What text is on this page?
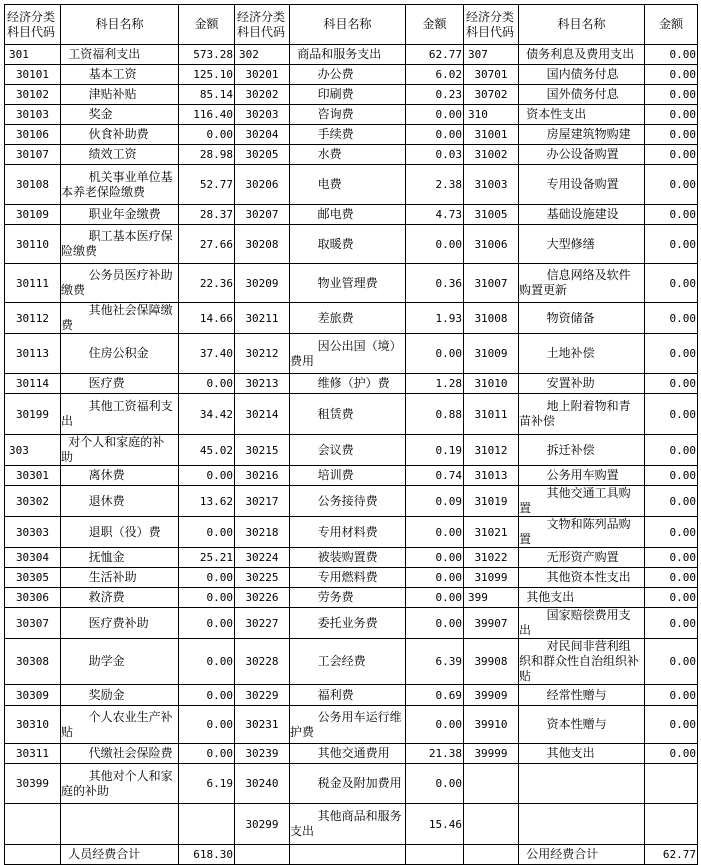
经济分类科目代码	科目名称	金额	经济分类科目代码	科目名称	金额	经济分类科目代码	科目名称	金额
301	工资福利支出	573.28	302	商品和服务支出	62.77	307	债务利息及费用支出	0.00
30101	基本工资	125.10	30201	办公费	6.02	30701	国内债务付息	0.00
30102	津贴补贴	85.14	30202	印刷费	0.23	30702	国外债务付息	0.00
30103	奖金	116.40	30203	咨询费	0.00	310	资本性支出	0.00
30106	伙食补助费	0.00	30204	手续费	0.00	31001	房屋建筑物购建	0.00
30107	绩效工资	28.98	30205	水费	0.03	31002	办公设备购置	0.00
30108	机关事业单位基本养老保险缴费	52.77	30206	电费	2.38	31003	专用设备购置	0.00
30109	职业年金缴费	28.37	30207	邮电费	4.73	31005	基础设施建设	0.00
30110	职工基本医疗保险缴费	27.66	30208	取暖费	0.00	31006	大型修缮	0.00
30111	公务员医疗补助缴费	22.36	30209	物业管理费	0.36	31007	信息网络及软件购置更新	0.00
30112	其他社会保障缴费	14.66	30211	差旅费	1.93	31008	物资储备	0.00
30113	住房公积金	37.40	30212	因公出国（境）费用	0.00	31009	土地补偿	0.00
30114	医疗费	0.00	30213	维修（护）费	1.28	31010	安置补助	0.00
30199	其他工资福利支出	34.42	30214	租赁费	0.88	31011	地上附着物和青苗补偿	0.00
303	对个人和家庭的补助	45.02	30215	会议费	0.19	31012	拆迁补偿	0.00
30301	离休费	0.00	30216	培训费	0.74	31013	公务用车购置	0.00
30302	退休费	13.62	30217	公务接待费	0.09	31019	其他交通工具购置	0.00
30303	退职（役）费	0.00	30218	专用材料费	0.00	31021	文物和陈列品购置	0.00
30304	抚恤金	25.21	30224	被装购置费	0.00	31022	无形资产购置	0.00
30305	生活补助	0.00	30225	专用燃料费	0.00	31099	其他资本性支出	0.00
30306	救济费	0.00	30226	劳务费	0.00	399	其他支出	0.00
30307	医疗费补助	0.00	30227	委托业务费	0.00	39907	国家赔偿费用支出	0.00
30308	助学金	0.00	30228	工会经费	6.39	39908	对民间非营利组织和群众性自治组织补贴	0.00
30309	奖励金	0.00	30229	福利费	0.69	39909	经常性赠与	0.00
30310	个人农业生产补贴	0.00	30231	公务用车运行维护费	0.00	39910	资本性赠与	0.00
30311	代缴社会保险费	0.00	30239	其他交通费用	21.38	39999	其他支出	0.00
30399	其他对个人和家庭的补助	6.19	30240	税金及附加费用	0.00			
			30299	其他商品和服务支出	15.46			
	人员经费合计	618.30					公用经费合计	62.77
